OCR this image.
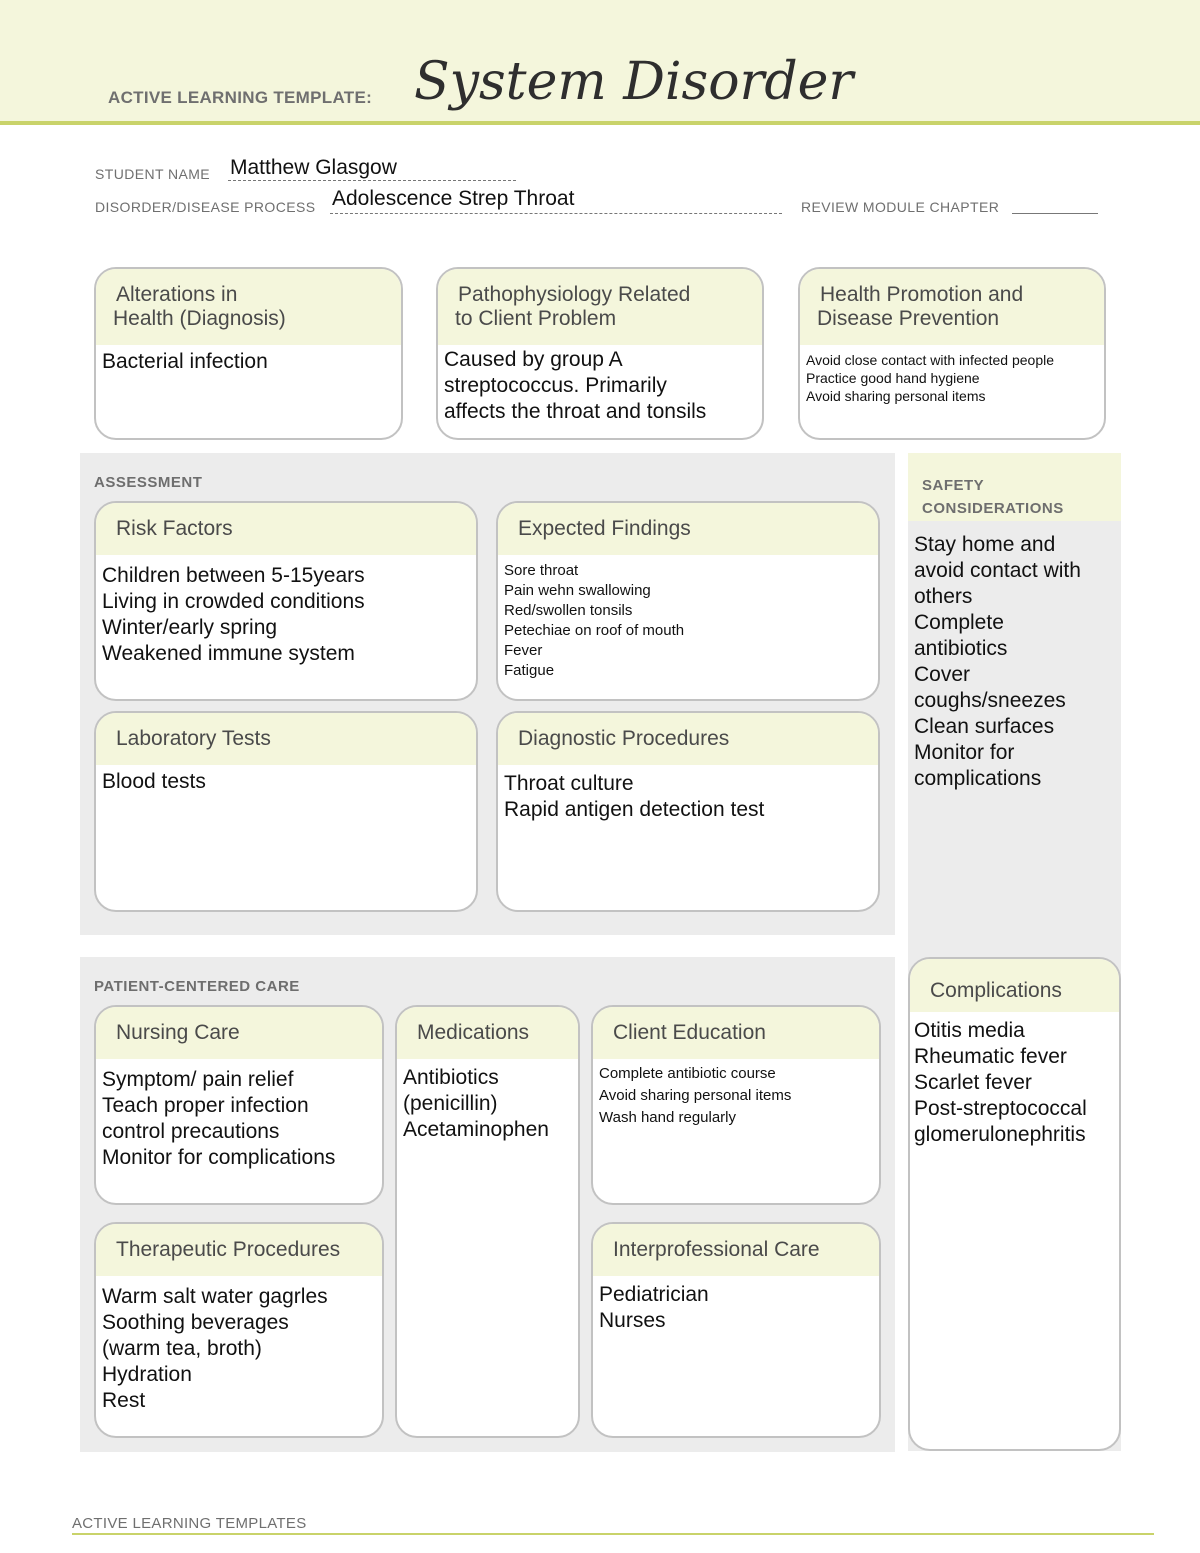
ACTIVE LEARNING TEMPLATE: System Disorder
STUDENT NAME Matthew Glasgow
DISORDER/DISEASE PROCESS Adolescence Strep Throat	REVIEW MODULE CHAPTER
Alterations in
Health (Diagnosis)
Bacterial infection
Pathophysiology Related
to Client Problem
Caused by group A
streptococcus. Primarily
affects the throat and tonsils
Health Promotion and
Disease Prevention
Avoid close contact with infected people
Practice good hand hygiene
Avoid sharing personal items
ASSESSMENT
Risk Factors
Children between 5-15years
Living in crowded conditions
Winter/early spring
Weakened immune system
Expected Findings
Sore throat
Pain wehn swallowing
Red/swollen tonsils
Petechiae on roof of mouth
Fever
Fatigue
Laboratory Tests
Blood tests
Diagnostic Procedures
Throat culture
Rapid antigen detection test
SAFETY
CONSIDERATIONS
Stay home and
avoid contact with
others
Complete
antibiotics
Cover
coughs/sneezes
Clean surfaces
Monitor for
complications
Complications
Otitis media
Rheumatic fever
Scarlet fever
Post-streptococcal
glomerulonephritis
PATIENT-CENTERED CARE
Nursing Care
Symptom/ pain relief
Teach proper infection
control precautions
Monitor for complications
Medications
Antibiotics
(penicillin)
Acetaminophen
Client Education
Complete antibiotic course
Avoid sharing personal items
Wash hand regularly
Therapeutic Procedures
Warm salt water gagrles
Soothing beverages
(warm tea, broth)
Hydration
Rest
Interprofessional Care
Pediatrician
Nurses
ACTIVE LEARNING TEMPLATES
